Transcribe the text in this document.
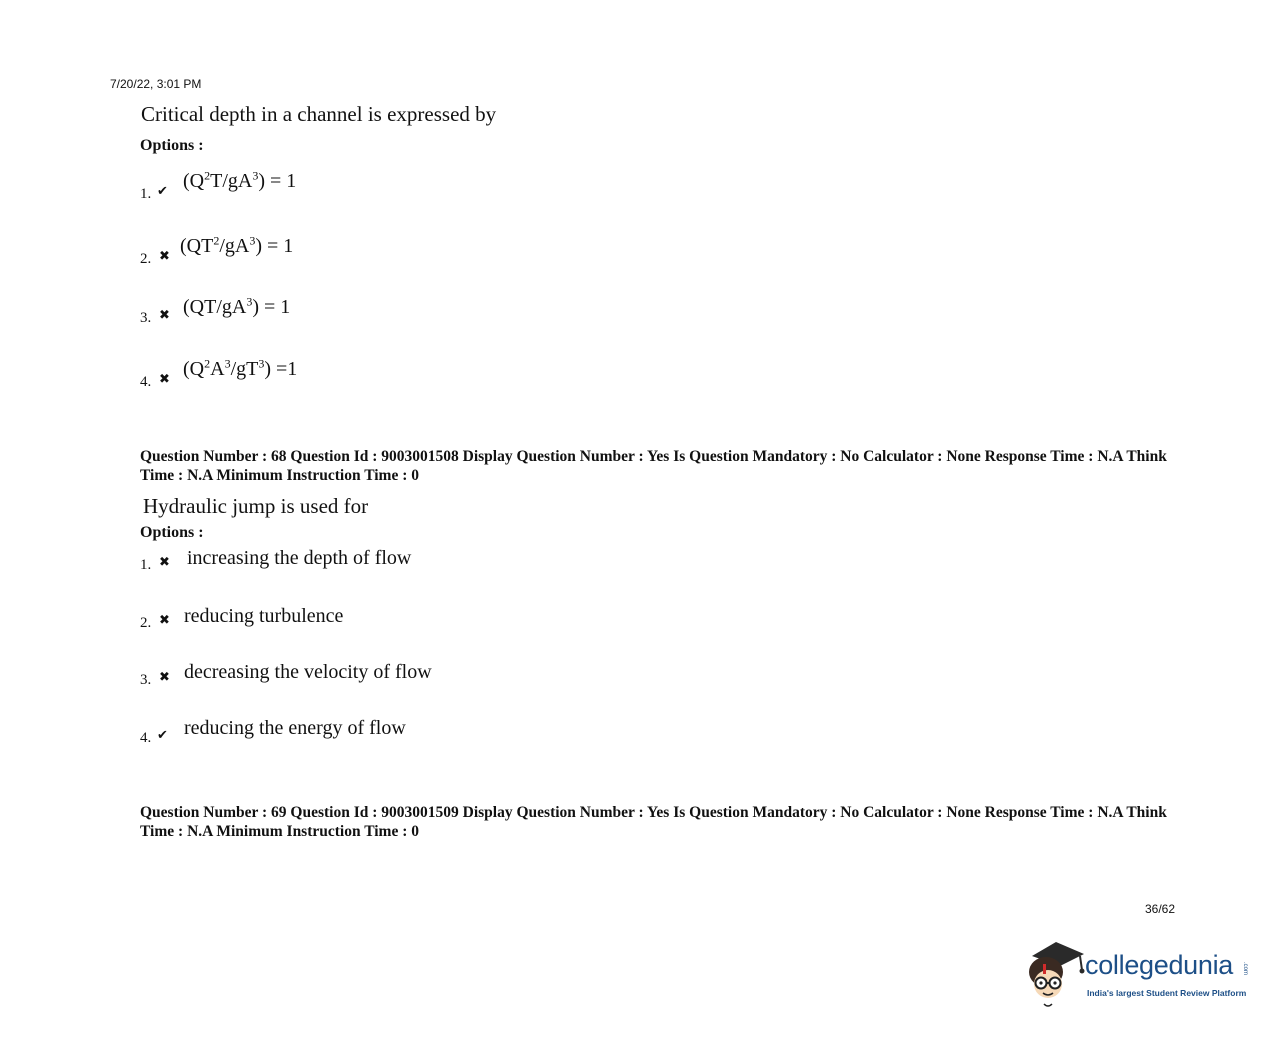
7/20/22, 3:01 PM
Critical depth in a channel is expressed by
Options :
1. ✔ $(Q^2T/gA^3) = 1$
2. ✖ $(QT^2/gA^3) = 1$
3. ✖ $(QT/gA^3) = 1$
4. ✖ $(Q^2A^3/gT^3) =1$
Question Number : 68 Question Id : 9003001508 Display Question Number : Yes Is Question Mandatory : No Calculator : None Response Time : N.A Think Time : N.A Minimum Instruction Time : 0
Hydraulic jump is used for
Options :
1. ✖ increasing the depth of flow
2. ✖ reducing turbulence
3. ✖ decreasing the velocity of flow
4. ✔ reducing the energy of flow
Question Number : 69 Question Id : 9003001509 Display Question Number : Yes Is Question Mandatory : No Calculator : None Response Time : N.A Think Time : N.A Minimum Instruction Time : 0
36/62
collegedunia .com
India's largest Student Review Platform
